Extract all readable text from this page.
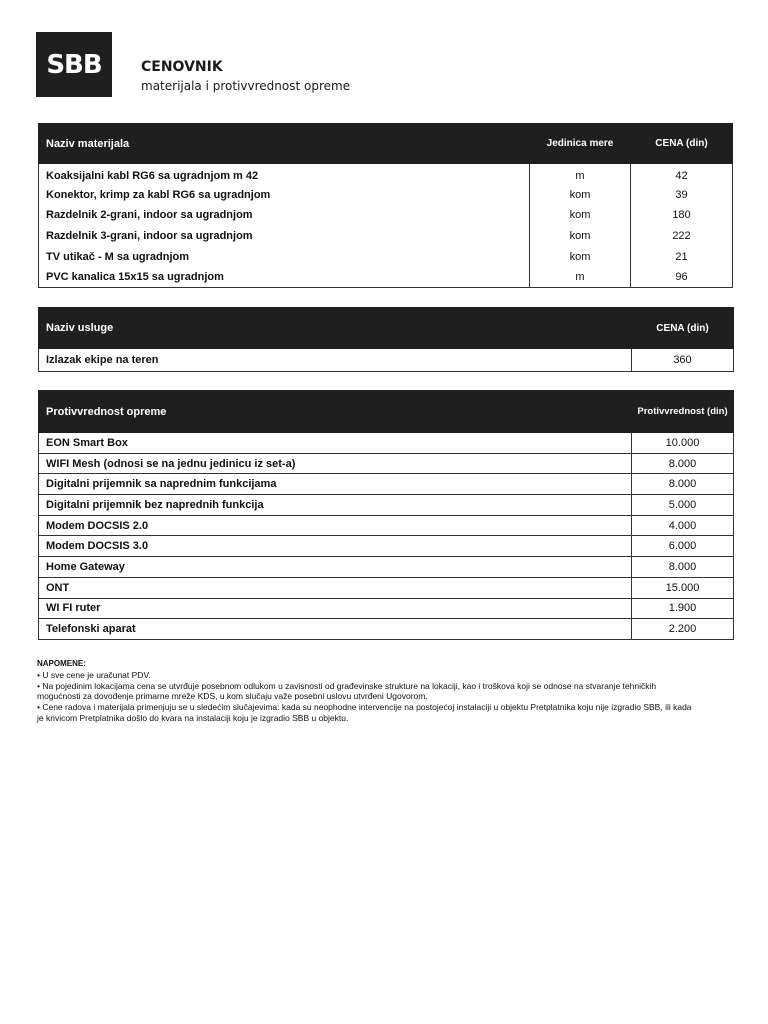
SBB	CENOVNIK
materijala i protivvrednost opreme
Naziv materijala	Jedinica mere	CENA (din)
Koaksijalni kabl RG6 sa ugradnjom m 42	m	42
Konektor, krimp za kabl RG6 sa ugradnjom	kom	39
Razdelnik 2-grani, indoor sa ugradnjom	kom	180
Razdelnik 3-grani, indoor sa ugradnjom	kom	222
TV utikač - M sa ugradnjom	kom	21
PVC kanalica 15x15 sa ugradnjom	m	96
Naziv usluge	CENA (din)
Izlazak ekipe na teren	360
Protivvrednost opreme	Protivvrednost (din)
EON Smart Box	10.000
WIFI Mesh (odnosi se na jednu jedinicu iz set-a)	8.000
Digitalni prijemnik sa naprednim funkcijama	8.000
Digitalni prijemnik bez naprednih funkcija	5.000
Modem DOCSIS 2.0	4.000
Modem DOCSIS 3.0	6.000
Home Gateway	8.000
ONT	15.000
WI FI ruter	1.900
Telefonski aparat	2.200
NAPOMENE:
• U sve cene je uračunat PDV.
• Na pojedinim lokacijama cena se utvrđuje posebnom odlukom u zavisnosti od građevinske strukture na lokaciji, kao i troškova koji se odnose na stvaranje tehničkih mogućnosti za dovođenje primarne mreže KDS, u kom slučaju važe posebni uslovu utvrđeni Ugovorom.
• Cene radova i materijala primenjuju se u sledećim slučajevima: kada su neophodne intervencije na postojećoj instalaciji u objektu Pretplatnika koju nije izgradio SBB, ili kada je krivicom Pretplatnika došlo do kvara na instalaciji koju je izgradio SBB u objektu.
